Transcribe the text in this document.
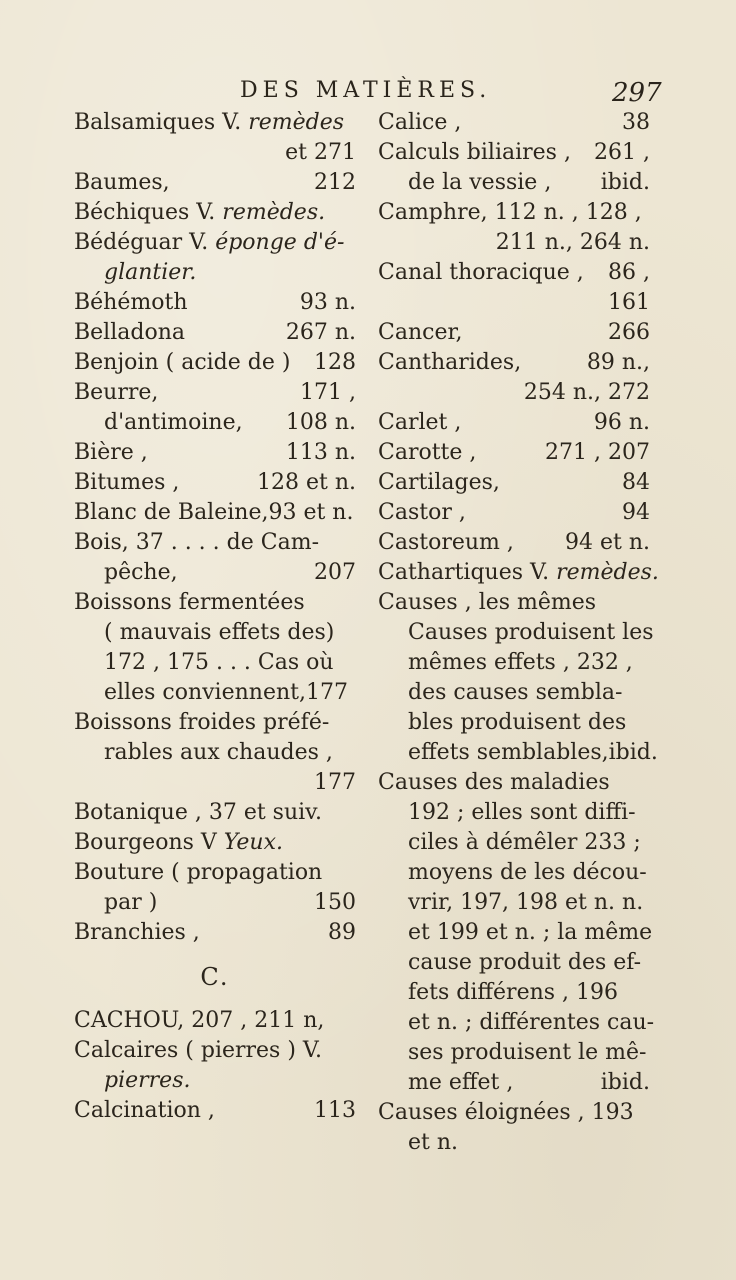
DES MATIÈRES.	297
Balsamiques V. remèdes
et 271
Baumes,	212
Béchiques V. remèdes.
Bédéguar V. éponge d'é-
glantier.
Béhémoth	93 n.
Belladona	267 n.
Benjoin ( acide de )	128
Beurre,	171 ,
d'antimoine,	108 n.
Bière ,	113 n.
Bitumes ,	128 et n.
Blanc de Baleine,93 et n.
Bois, 37 . . . . de Cam-
pêche,	207
Boissons fermentées
( mauvais effets des)
172 , 175 . . . Cas où
elles conviennent,177
Boissons froides préfé-
rables aux chaudes ,
177
Botanique , 37 et suiv.
Bourgeons V Yeux.
Bouture ( propagation
par )	150
Branchies ,	89
C.
CACHOU, 207 , 211 n,
Calcaires ( pierres ) V.
pierres.
Calcination ,	113
Calice ,	38
Calculs biliaires ,	261 ,
de la vessie ,	ibid.
Camphre, 112 n. , 128 ,
211 n., 264 n.
Canal thoracique ,	86 ,
161
Cancer,	266
Cantharides,	89 n.,
254 n., 272
Carlet ,	96 n.
Carotte ,	271 , 207
Cartilages,	84
Castor ,	94
Castoreum ,	94 et n.
Cathartiques V. remèdes.
Causes , les mêmes
Causes produisent les
mêmes effets , 232 ,
des causes sembla-
bles produisent des
effets semblables,ibid.
Causes des maladies
192 ; elles sont diffi-
ciles à démêler 233 ;
moyens de les décou-
vrir, 197, 198 et n. n.
et 199 et n. ; la même
cause produit des ef-
fets différens , 196
et n. ; différentes cau-
ses produisent le mê-
me effet ,	ibid.
Causes éloignées , 193
et n.
